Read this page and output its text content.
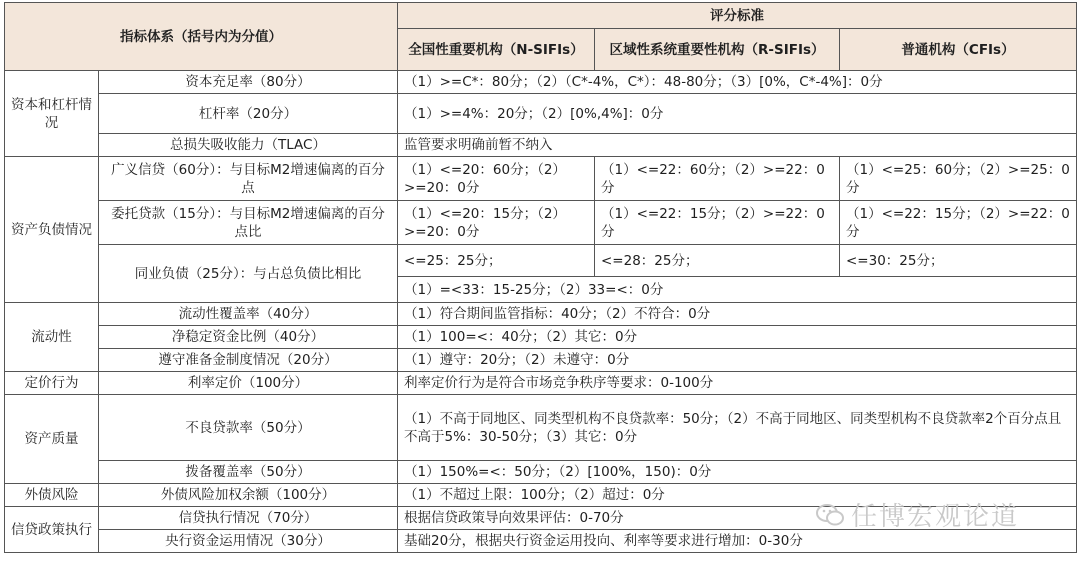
指标体系（括号内为分值）		评分标准		
		全国性重要机构（N-SIFIs）	区域性系统重要性机构（R-SIFIs）	普通机构（CFIs）
资本和杠杆情况	资本充足率（80分）	（1）>=C*：80分；（2）（C*-4%，C*）：48-80分；（3）[0%，C*-4%]：0分		
	杠杆率（20分）	（1）>=4%：20分；（2）[0%,4%]：0分		
	总损失吸收能力（TLAC）	监管要求明确前暂不纳入		
资产负债情况	广义信贷（60分）：与目标M2增速偏离的百分点	（1）<=20：60分；（2）>=20：0分	（1）<=22：60分；（2）>=22：0分	（1）<=25：60分；（2）>=25：0分
	委托贷款（15分）：与目标M2增速偏离的百分点比	（1）<=20：15分；（2）>=20：0分	（1）<=22：15分；（2）>=22：0分	（1）<=22：15分；（2）>=22：0分
	同业负债（25分）：与占总负债比相比	<=25：25分；	<=28：25分；	<=30：25分；
		（1）=<33：15-25分；（2）33=<：0分		
流动性	流动性覆盖率（40分）	（1）符合期间监管指标：40分；（2）不符合：0分		
	净稳定资金比例（40分）	（1）100=<：40分；（2）其它：0分		
	遵守准备金制度情况（20分）	（1）遵守：20分；（2）未遵守：0分		
定价行为	利率定价（100分）	利率定价行为是符合市场竞争秩序等要求：0-100分		
资产质量	不良贷款率（50分）	（1）不高于同地区、同类型机构不良贷款率：50分；（2）不高于同地区、同类型机构不良贷款率2个百分点且不高于5%：30-50分；（3）其它：0分		
	拨备覆盖率（50分）	（1）150%=<：50分；（2）[100%，150)：0分		
外债风险	外债风险加权余额（100分）	（1）不超过上限：100分；（2）超过：0分		
信贷政策执行	信贷执行情况（70分）	根据信贷政策导向效果评估：0-70分		
	央行资金运用情况（30分）	基础20分，根据央行资金运用投向、利率等要求进行增加：0-30分		
任博宏观论道
